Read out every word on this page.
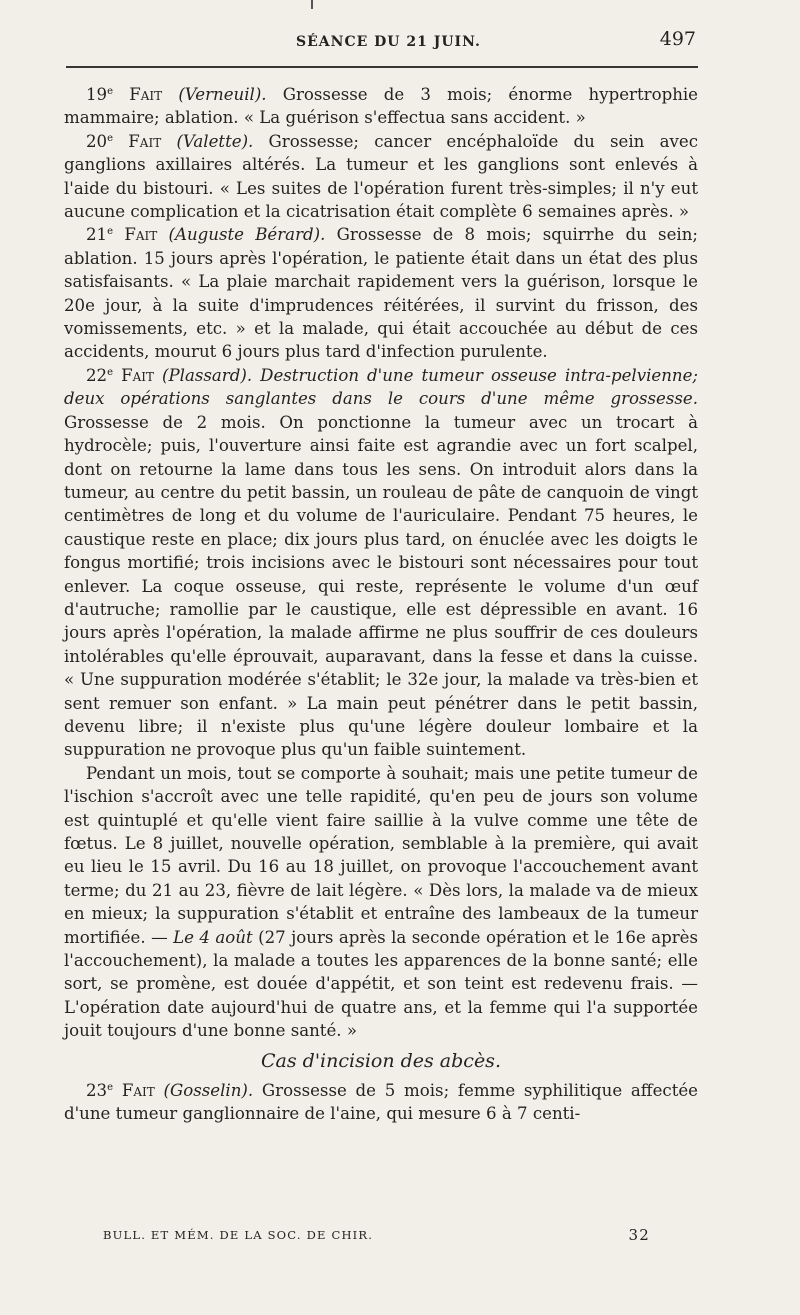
SÉANCE DU 21 JUIN.	497

19e Fait (Verneuil). Grossesse de 3 mois; énorme hypertrophie mammaire; ablation. « La guérison s'effectua sans accident. »

20e Fait (Valette). Grossesse; cancer encéphaloïde du sein avec ganglions axillaires altérés. La tumeur et les ganglions sont enlevés à l'aide du bistouri. « Les suites de l'opération furent très-simples; il n'y eut aucune complication et la cicatrisation était complète 6 semaines après. »

21e Fait (Auguste Bérard). Grossesse de 8 mois; squirrhe du sein; ablation. 15 jours après l'opération, le patiente était dans un état des plus satisfaisants. « La plaie marchait rapidement vers la guérison, lorsque le 20e jour, à la suite d'imprudences réitérées, il survint du frisson, des vomissements, etc. » et la malade, qui était accouchée au début de ces accidents, mourut 6 jours plus tard d'infection purulente.

22e Fait (Plassard). Destruction d'une tumeur osseuse intra-pelvienne; deux opérations sanglantes dans le cours d'une même grossesse. Grossesse de 2 mois. On ponctionne la tumeur avec un trocart à hydrocèle; puis, l'ouverture ainsi faite est agrandie avec un fort scalpel, dont on retourne la lame dans tous les sens. On introduit alors dans la tumeur, au centre du petit bassin, un rouleau de pâte de canquoin de vingt centimètres de long et du volume de l'auriculaire. Pendant 75 heures, le caustique reste en place; dix jours plus tard, on énuclée avec les doigts le fongus mortifié; trois incisions avec le bistouri sont nécessaires pour tout enlever. La coque osseuse, qui reste, représente le volume d'un œuf d'autruche; ramollie par le caustique, elle est dépressible en avant. 16 jours après l'opération, la malade affirme ne plus souffrir de ces douleurs intolérables qu'elle éprouvait, auparavant, dans la fesse et dans la cuisse. « Une suppuration modérée s'établit; le 32e jour, la malade va très-bien et sent remuer son enfant. » La main peut pénétrer dans le petit bassin, devenu libre; il n'existe plus qu'une légère douleur lombaire et la suppuration ne provoque plus qu'un faible suintement.

Pendant un mois, tout se comporte à souhait; mais une petite tumeur de l'ischion s'accroît avec une telle rapidité, qu'en peu de jours son volume est quintuplé et qu'elle vient faire saillie à la vulve comme une tête de fœtus. Le 8 juillet, nouvelle opération, semblable à la première, qui avait eu lieu le 15 avril. Du 16 au 18 juillet, on provoque l'accouchement avant terme; du 21 au 23, fièvre de lait légère. « Dès lors, la malade va de mieux en mieux; la suppuration s'établit et entraîne des lambeaux de la tumeur mortifiée. — Le 4 août (27 jours après la seconde opération et le 16e après l'accouchement), la malade a toutes les apparences de la bonne santé; elle sort, se promène, est douée d'appétit, et son teint est redevenu frais. — L'opération date aujourd'hui de quatre ans, et la femme qui l'a supportée jouit toujours d'une bonne santé. »

Cas d'incision des abcès.

23e Fait (Gosselin). Grossesse de 5 mois; femme syphilitique affectée d'une tumeur ganglionnaire de l'aine, qui mesure 6 à 7 centi-

BULL. ET MÉM. DE LA SOC. DE CHIR.	32
